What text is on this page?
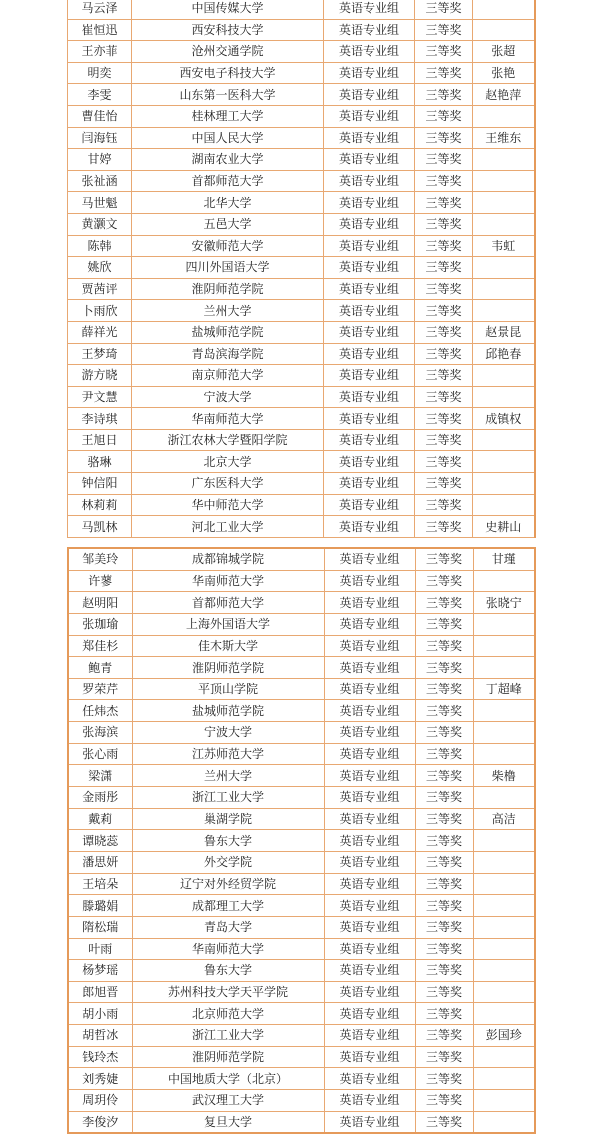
马云泽	中国传媒大学	英语专业组	三等奖	
崔恒迅	西安科技大学	英语专业组	三等奖	
王亦菲	沧州交通学院	英语专业组	三等奖	张超
明奕	西安电子科技大学	英语专业组	三等奖	张艳
李雯	山东第一医科大学	英语专业组	三等奖	赵艳萍
曹佳怡	桂林理工大学	英语专业组	三等奖	
闫海钰	中国人民大学	英语专业组	三等奖	王维东
甘婷	湖南农业大学	英语专业组	三等奖	
张祉涵	首都师范大学	英语专业组	三等奖	
马世魁	北华大学	英语专业组	三等奖	
黄灏文	五邑大学	英语专业组	三等奖	
陈韩	安徽师范大学	英语专业组	三等奖	韦虹
姚欣	四川外国语大学	英语专业组	三等奖	
贾茜评	淮阴师范学院	英语专业组	三等奖	
卜雨欣	兰州大学	英语专业组	三等奖	
薛祥光	盐城师范学院	英语专业组	三等奖	赵景昆
王梦琦	青岛滨海学院	英语专业组	三等奖	邱艳春
游方晓	南京师范大学	英语专业组	三等奖	
尹文慧	宁波大学	英语专业组	三等奖	
李诗琪	华南师范大学	英语专业组	三等奖	成镇权
王旭日	浙江农林大学暨阳学院	英语专业组	三等奖	
骆琳	北京大学	英语专业组	三等奖	
钟信阳	广东医科大学	英语专业组	三等奖	
林莉莉	华中师范大学	英语专业组	三等奖	
马凯林	河北工业大学	英语专业组	三等奖	史耕山
邹美玲	成都锦城学院	英语专业组	三等奖	甘瑾
许蓼	华南师范大学	英语专业组	三等奖	
赵明阳	首都师范大学	英语专业组	三等奖	张晓宁
张珈瑜	上海外国语大学	英语专业组	三等奖	
郑佳杉	佳木斯大学	英语专业组	三等奖	
鲍青	淮阴师范学院	英语专业组	三等奖	
罗荣芹	平顶山学院	英语专业组	三等奖	丁超峰
任炜杰	盐城师范学院	英语专业组	三等奖	
张海滨	宁波大学	英语专业组	三等奖	
张心雨	江苏师范大学	英语专业组	三等奖	
梁潇	兰州大学	英语专业组	三等奖	柴橹
金雨彤	浙江工业大学	英语专业组	三等奖	
戴莉	巢湖学院	英语专业组	三等奖	高洁
谭晓蕊	鲁东大学	英语专业组	三等奖	
潘思妍	外交学院	英语专业组	三等奖	
王培朵	辽宁对外经贸学院	英语专业组	三等奖	
滕璐娟	成都理工大学	英语专业组	三等奖	
隋松瑞	青岛大学	英语专业组	三等奖	
叶雨	华南师范大学	英语专业组	三等奖	
杨梦瑶	鲁东大学	英语专业组	三等奖	
郎旭晋	苏州科技大学天平学院	英语专业组	三等奖	
胡小雨	北京师范大学	英语专业组	三等奖	
胡哲冰	浙江工业大学	英语专业组	三等奖	彭国珍
钱玲杰	淮阴师范学院	英语专业组	三等奖	
刘秀婕	中国地质大学（北京）	英语专业组	三等奖	
周玥伶	武汉理工大学	英语专业组	三等奖	
李俊汐	复旦大学	英语专业组	三等奖	
